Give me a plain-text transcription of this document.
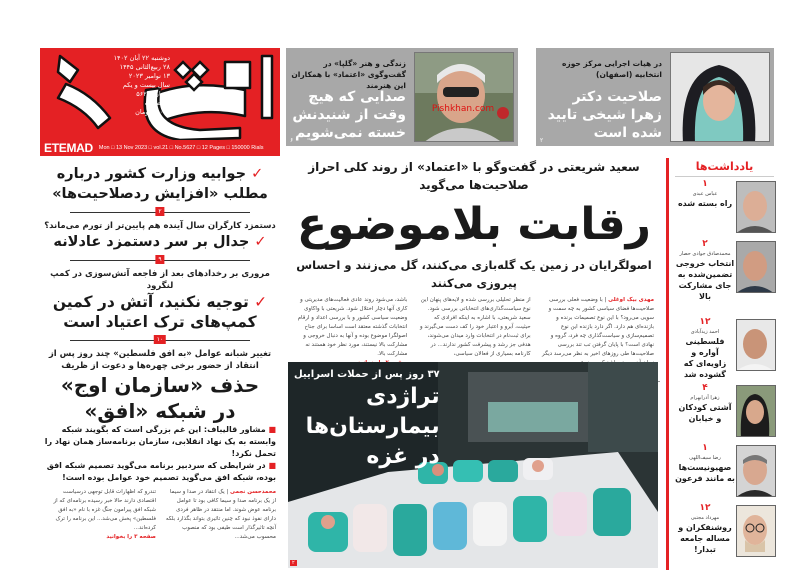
دوشنبه ۲۲ آبان ۱۴۰۲
۲۸ ربیع‌الثانی ۱۴۴۵
۱۳ نوامبر ۲۰۲۳
سال بیست و یکم
شماره ۵۶۲۷
۱۲ صفحه
۱۵۰۰۰ تومان
ETEMAD Mon □ 13 Nov 2023 □ vol.21 □ No.5627 □ 12 Pages □ 150000 Rials
Pishkhan.com
زندگی و هنر «گلپا» در گفت‌وگوی «اعتماد» با همکاران این هنرمند
صدایی که هیچ وقت از شنیدنش خسته نمی‌شویم
۶
در هیات اجرایی مرکز حوزه انتخابیه (اصفهان)
صلاحیت دکتر زهرا شیخی تایید شده است
۲
✓ جوابیه وزارت کشور درباره مطلب «افزایش ردصلاحیت‌ها»
۲
دستمزد کارگران سال آینده هم پایین‌تر از تورم می‌ماند؟
✓ جدال بر سر دستمزد عادلانه
۹
مروری بر رخدادهای بعد از فاجعه آتش‌سوزی در کمپ لنگرود
✓ توجیه نکنید، آتش در کمین کمپ‌های ترک اعتیاد است
۱۰
تغییر شبانه عوامل «به افق فلسطین» چند روز پس از انتقاد از حضور برخی چهره‌ها و دعوت از ظریف
حذف «سازمان اوج»
در شبکه «افق»
■ مشاور قالیباف: این غم بزرگی است که بگویند شبکه وابسته به یک نهاد انقلابی، سازمان برنامه‌ساز همان نهاد را تحمل نکرد!
■ در شرایطی که سردبیر برنامه می‌گوید تصمیم شبکه افق بوده، شبکه افق می‌گوید تصمیم خود عوامل بوده است!
محمدحسن نجمی | یک انتقاد در صدا و سیما از یک برنامه صدا و سیما کافی بود تا عوامل برنامه عوض شوند. اما منتقد در ظاهر فردی دارای نفوذ نبود که چنین تاثیری بتواند بگذارد بلکه آنچه تاثیرگذار است طیفی بود که منصوب محسوب می‌شد...
تندرو که اظهارات قابل توجهی درسیاست اقتصادی دارند حالا خبر رسیده برنامه‌ای که از شبکه افق پیرامون جنگ غزه با نام «به افق فلسطین» پخش می‌شد... این برنامه را ترک کرده‌اند...
صفحه ۳ را بخوانید
سعید شریعتی در گفت‌وگو با «اعتماد» از روند کلی احراز صلاحیت‌ها می‌گوید
رقابت بلاموضوع
اصولگرایان در زمین یک گله‌بازی می‌کنند، گل می‌زنند و احساس پیروزی می‌کنند
مهدی بیک اوغلی | با وضعیت فعلی بررسی صلاحیت‌ها فضای سیاسی کشور به چه سمت و سویی می‌رود؟ با این نوع تصمیمات برنده و بازنده‌ای هم دارد. اگر دارد بازنده این نوع تصمیم‌سازی و سیاست‌گذاری چه فرد، گروه و نهادی است؟ با پایان گرفتن تب تند بررسی صلاحیت‌ها طی روزهای اخیر به نظر می‌رسد دیگر
از منظر تحلیلی بررسی شده و لایه‌های پنهان این نوع سیاست‌گذاری‌های انتخاباتی بررسی شود. سعید شریعتی، با اشاره به اینکه افرادی که حیثیت، آبرو و اعتبار خود را کف دست می‌گیرند و برای ثبت‌نام در انتخابات وارد میدان می‌شوند، هدفی جز رشد و پیشرفت کشور ندارند... در کارنامه بسیاری از فعالان سیاسی،
باشد، می‌شود روند عادی فعالیت‌های مدیریتی و کاری آنها دچار اختلال شود. شریعتی با واکاوی وضعیت سیاسی کشور و با بررسی اعداد و ارقام انتخابات گذشته معتقد است اساسا برای جناح اصولگرا موضوع بوده و آنها به دنبال خروجی و مشارکت بالا نیستند، مورد نظر خود هستند نه مشارکت بالا.
۳۷ روز پس از حملات اسراییل
تراژدی
بیمارستان‌ها
در غزه
۲
یادداشت‌ها
۱
عباس عبدی
راه بسته شده
۲
محمدصادق جوادی حصار
انتخاب خروجی تضمین‌شده به جای مشارکت بالا
۱۲
احمد زیدآبادی
فلسطینی آواره و زاویه‌ای که گشوده شد
۴
زهرا آذرابهرام
آشتی کودکان و خیابان
۱
رضا سیف‌اللهی
صهیونیست‌ها به مانند فرعون
۱۲
مهرداد مجتبی
روشنفکران و مساله جامعه تبدار!
